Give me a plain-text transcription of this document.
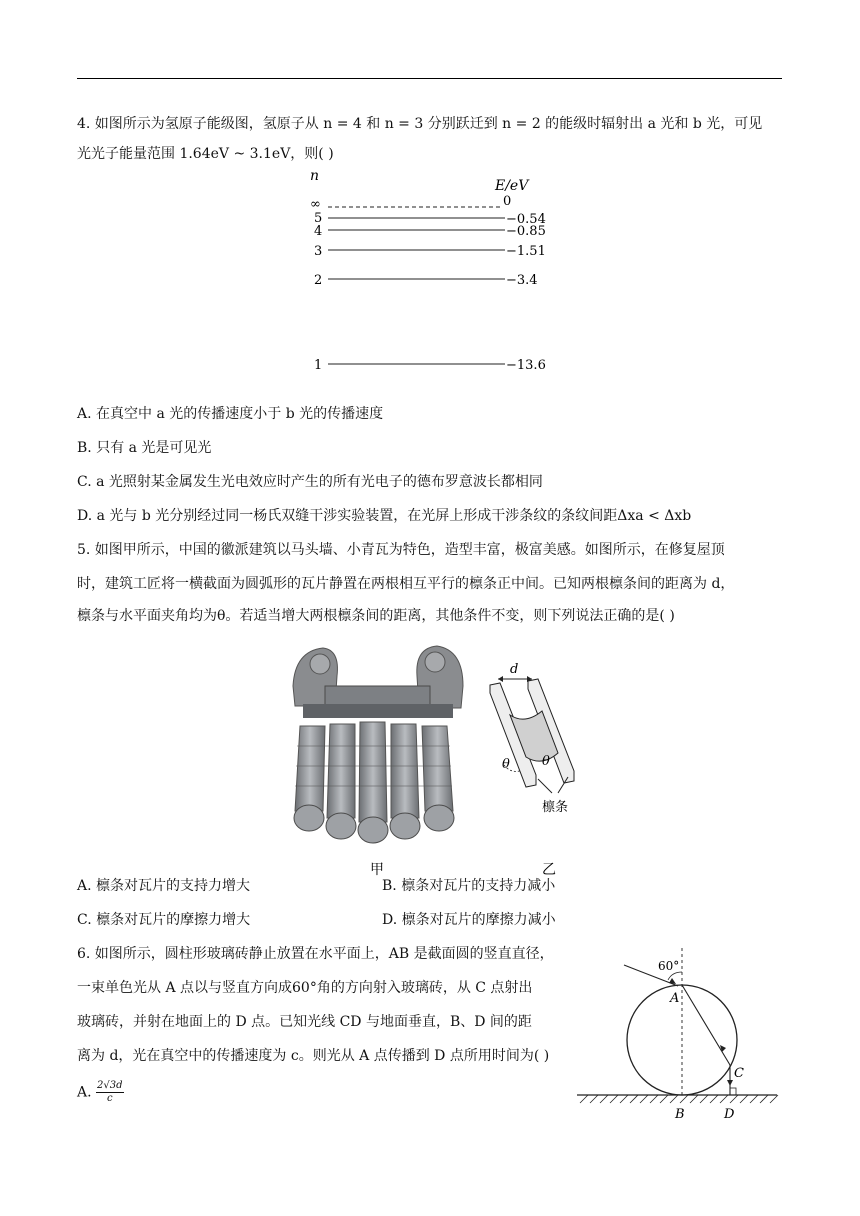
4. 如图所示为氢原子能级图，氢原子从 n = 4 和 n = 3 分别跃迁到 n = 2 的能级时辐射出 a 光和 b 光，可见
光光子能量范围 1.64eV ~ 3.1eV，则( )
n
E/eV
∞	0
5	−0.54
4	−0.85
3	−1.51
2	−3.4
1	−13.6
A. 在真空中 a 光的传播速度小于 b 光的传播速度
B. 只有 a 光是可见光
C. a 光照射某金属发生光电效应时产生的所有光电子的德布罗意波长都相同
D. a 光与 b 光分别经过同一杨氏双缝干涉实验装置，在光屏上形成干涉条纹的条纹间距Δxa < Δxb
5. 如图甲所示，中国的徽派建筑以马头墙、小青瓦为特色，造型丰富，极富美感。如图所示，在修复屋顶
时，建筑工匠将一横截面为圆弧形的瓦片静置在两根相互平行的檩条正中间。已知两根檩条间的距离为 d，
檩条与水平面夹角均为θ。若适当增大两根檩条间的距离，其他条件不变，则下列说法正确的是( )
甲
d
θ θ
檩条
乙
A. 檩条对瓦片的支持力增大	B. 檩条对瓦片的支持力减小
C. 檩条对瓦片的摩擦力增大	D. 檩条对瓦片的摩擦力减小
6. 如图所示，圆柱形玻璃砖静止放置在水平面上，AB 是截面圆的竖直直径，
一束单色光从 A 点以与竖直方向成60°角的方向射入玻璃砖，从 C 点射出
玻璃砖，并射在地面上的 D 点。已知光线 CD 与地面垂直，B、D 间的距
离为 d，光在真空中的传播速度为 c。则光从 A 点传播到 D 点所用时间为( )
A. $\frac{2√3d}{c}$
60°
A
B
C
D
